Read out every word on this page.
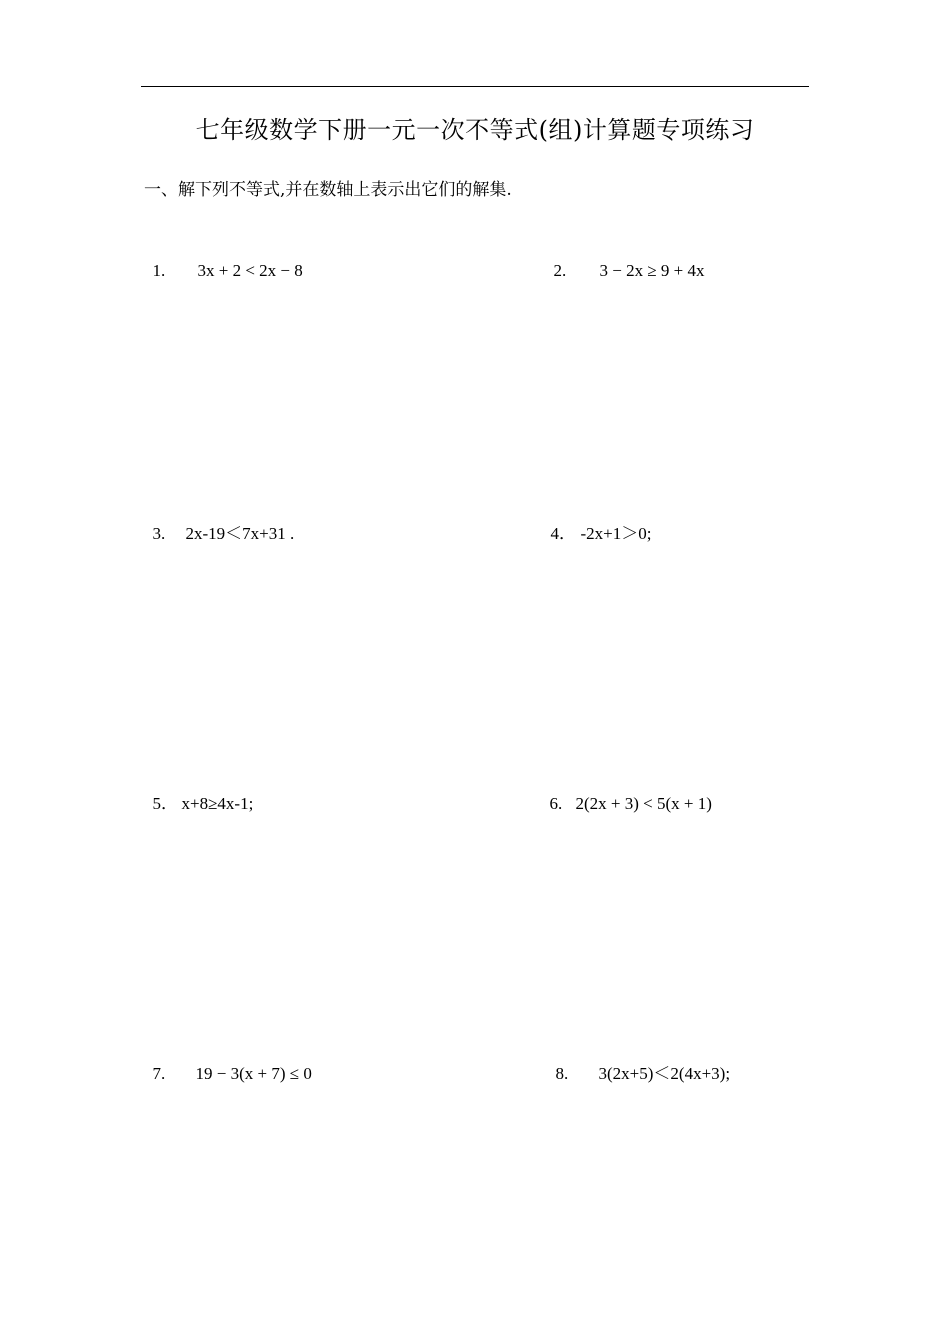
七年级数学下册一元一次不等式(组)计算题专项练习
一、解下列不等式,并在数轴上表示出它们的解集.

1. 3x + 2 < 2x − 8	2. 3 − 2x ≥ 9 + 4x

3. 2x-19＜7x+31 .	4． -2x+1＞0;

5． x+8≥4x-1;	6. 2(2x + 3) < 5(x + 1)

7. 19 − 3(x + 7) ≤ 0	8. 3(2x+5)＜2(4x+3);
